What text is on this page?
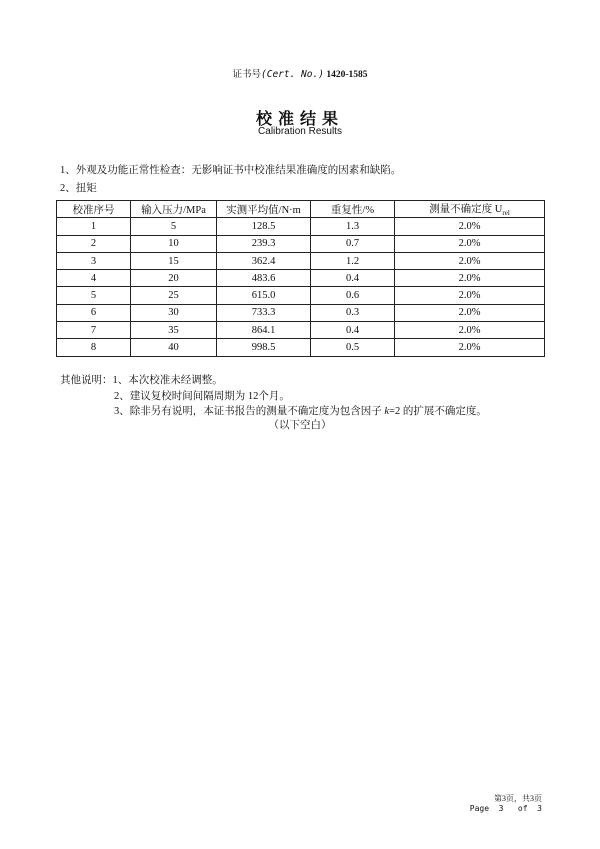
证书号(Cert. No.) 1420-1585
校准结果
Calibration Results
1、外观及功能正常性检查：无影响证书中校准结果准确度的因素和缺陷。
2、扭矩
校准序号	输入压力/MPa	实测平均值/N·m	重复性/%	测量不确定度 $U_{rel}$
1	5	128.5	1.3	2.0%
2	10	239.3	0.7	2.0%
3	15	362.4	1.2	2.0%
4	20	483.6	0.4	2.0%
5	25	615.0	0.6	2.0%
6	30	733.3	0.3	2.0%
7	35	864.1	0.4	2.0%
8	40	998.5	0.5	2.0%
其他说明：1、本次校准未经调整。
2、建议复校时间间隔周期为 12个月。
3、除非另有说明，本证书报告的测量不确定度为包含因子 k=2 的扩展不确定度。
（以下空白）
第3页，共3页
Page  3   of  3
